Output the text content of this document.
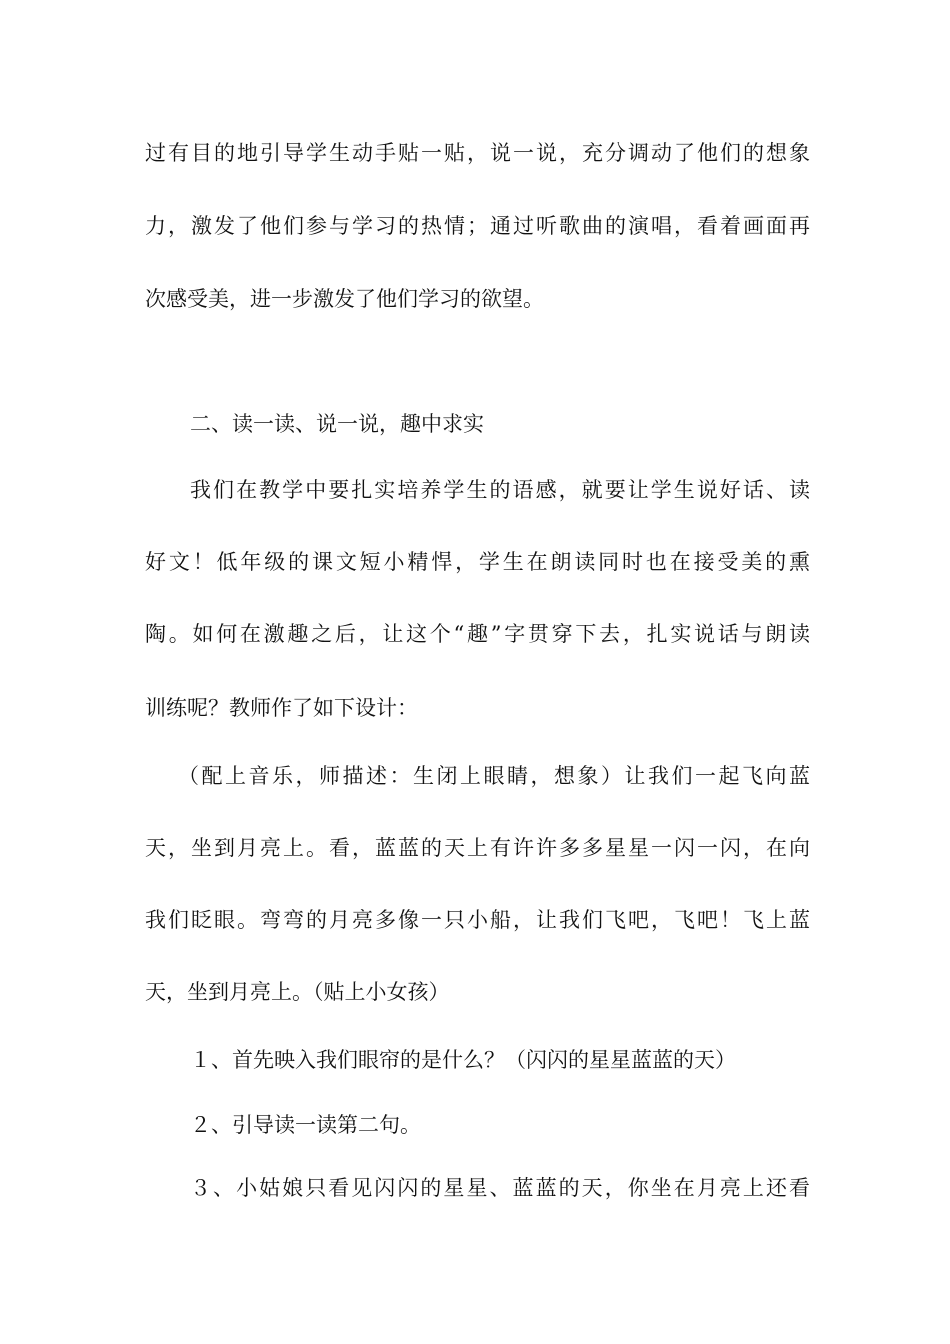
过有目的地引导学生动手贴一贴，说一说，充分调动了他们的想象
力，激发了他们参与学习的热情；通过听歌曲的演唱，看着画面再
次感受美，进一步激发了他们学习的欲望。
二、读一读、说一说，趣中求实
我们在教学中要扎实培养学生的语感，就要让学生说好话、读
好文！低年级的课文短小精悍，学生在朗读同时也在接受美的熏
陶。如何在激趣之后，让这个“趣”字贯穿下去，扎实说话与朗读
训练呢？教师作了如下设计：
（配上音乐，师描述：生闭上眼睛，想象）让我们一起飞向蓝
天，坐到月亮上。看，蓝蓝的天上有许许多多星星一闪一闪，在向
我们眨眼。弯弯的月亮多像一只小船，让我们飞吧，飞吧！飞上蓝
天，坐到月亮上。（贴上小女孩）
１、首先映入我们眼帘的是什么？（闪闪的星星蓝蓝的天）
２、引导读一读第二句。
３、小姑娘只看见闪闪的星星、蓝蓝的天，你坐在月亮上还看
